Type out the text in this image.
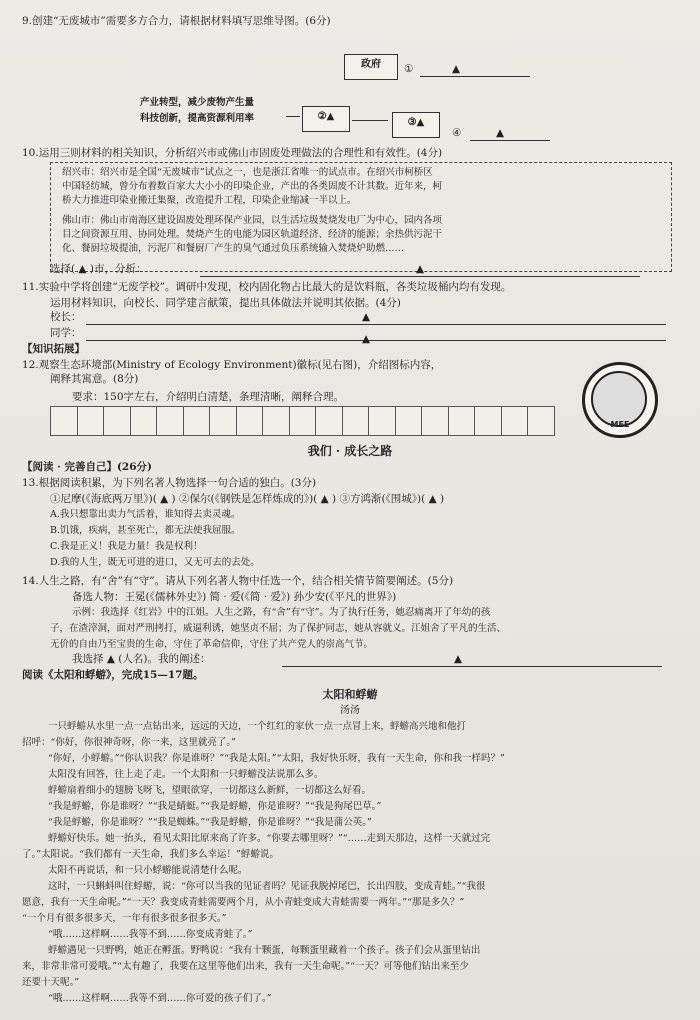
9.创建“无废城市”需要多方合力，请根据材料填写思维导图。(6分)
政府	①	▲
产业转型，减少废物产生量
科技创新，提高资源利用率	②▲
③▲
④	▲
10.运用三则材料的相关知识，分析绍兴市或佛山市固废处理做法的合理性和有效性。(4分)
绍兴市：绍兴市是全国“无废城市”试点之一，也是浙江省唯一的试点市。在绍兴市柯桥区
中国轻纺城，曾分布着数百家大大小小的印染企业，产出的各类固废不计其数。近年来，柯
桥大力推进印染业搬迁集聚，改造提升工程，印染企业缩减一半以上。
佛山市：佛山市南海区建设固废处理环保产业园，以生活垃圾焚烧发电厂为中心，园内各项
目之间资源互用、协同处理。焚烧产生的电能为园区轨道经济、经济的能源；余热供污泥干
化、餐厨垃圾提油，污泥厂和餐厨厂产生的臭气通过负压系统输入焚烧炉助燃……
选择( ▲ )市，分析：	▲
11.实验中学将创建“无废学校”。调研中发现，校内固化物占比最大的是饮料瓶，各类垃圾桶内均有发现。
运用材料知识，向校长、同学建言献策，提出具体做法并说明其依据。(4分)
校长：	▲
同学：	▲
【知识拓展】
12.观察生态环境部(Ministry of Ecology Environment)徽标(见右图)，介绍图标内容，
阐释其寓意。(8分)
要求：150字左右，介绍明白清楚，条理清晰，阐释合理。
MEE
我们 · 成长之路
【阅读 · 完善自己】(26分)
13.根据阅读积累，为下列名著人物选择一句合适的独白。(3分)
①尼摩(《海底两万里》)( ▲ ) ②保尔(《钢铁是怎样炼成的》)( ▲ ) ③方鸿渐(《围城》)( ▲ )
A.我只想靠出卖力气活着，谁知得去卖灵魂。
B.饥饿，疾病，甚至死亡，都无法使我屈服。
C.我是正义！我是力量！我是权利！
D.我的人生，既无可进的进口，又无可去的去处。
14.人生之路，有“舍”有“守”。请从下列名著人物中任选一个，结合相关情节简要阐述。(5分)
备选人物：王冕(《儒林外史》) 简 · 爱(《简 · 爱》) 孙少安(《平凡的世界》)
示例：我选择《红岩》中的江姐。人生之路，有“舍”有“守”。为了执行任务，她忍痛离开了年幼的孩
子，在渣滓洞，面对严刑拷打，威逼利诱，她坚贞不屈；为了保护同志，她从容就义。江姐舍了平凡的生活、
无价的自由乃至宝贵的生命，守住了革命信仰，守住了共产党人的崇高气节。
我选择 ▲ (人名)。我的阐述：	▲
阅读《太阳和蜉蝣》，完成15—17题。
太阳和蜉蝣
汤汤
一只蜉蝣从水里一点一点钻出来，远远的天边，一个红红的家伙一点一点冒上来，蜉蝣高兴地和他打
招呼：“你好，你很神奇呀，你一来，这里就亮了。”
“你好，小蜉蝣。”“你认识我？你是谁呀？”“我是太阳。”“太阳，我好快乐呀，我有一天生命，你和我一样吗？”
太阳没有回答，往上走了走。一个太阳和一只蜉蝣没法说那么多。
蜉蝣扇着细小的翅膀飞呀飞，望眼欲穿，一切都这么新鲜，一切都这么好看。
“我是蜉蝣，你是谁呀？”“我是蜻蜓。”“我是蜉蝣，你是谁呀？”“我是狗尾巴草。”
“我是蜉蝣，你是谁呀？”“我是蜘蛛。”“我是蜉蝣，你是谁呀？”“我是蒲公英。”
蜉蝣好快乐。她一抬头，看见太阳比原来高了许多。“你要去哪里呀？”“……走到天那边，这样一天就过完
了。”太阳说。“我们都有一天生命，我们多么幸运！”蜉蝣说。
太阳不再说话，和一只小蜉蝣能说清楚什么呢。
这时，一只蝌蚪叫住蜉蝣，说：“你可以当我的见证者吗？见证我脱掉尾巴，长出四肢，变成青蛙。”“我很
愿意，我有一天生命呢。”“一天？我变成青蛙需要两个月，从小青蛙变成大青蛙需要一两年。”“那是多久？”
“一个月有很多很多天，一年有很多很多很多天。”
“哦……这样啊……我等不到……你变成青蛙了。”
蜉蝣遇见一只野鸭，她正在孵蛋。野鸭说：“我有十颗蛋，每颗蛋里藏着一个孩子。孩子们会从蛋里钻出
来，非常非常可爱哦。”“太有趣了，我要在这里等他们出来，我有一天生命呢。”“一天？可等他们钻出来至少
还要十天呢。”
“哦……这样啊……我等不到……你可爱的孩子们了。”
